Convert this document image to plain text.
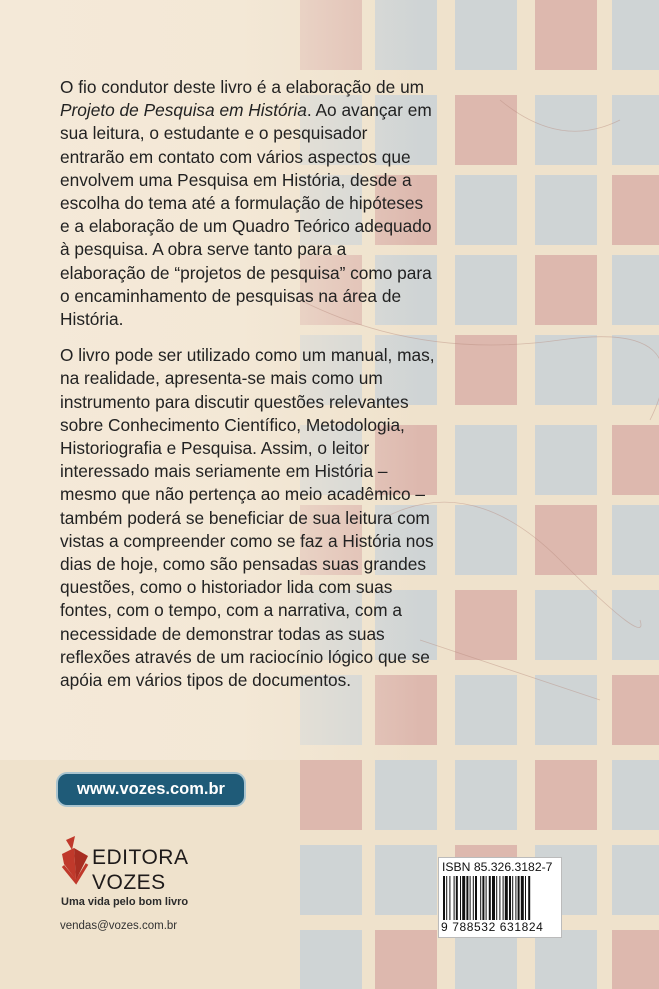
O fio condutor deste livro é a elaboração de um Projeto de Pesquisa em História. Ao avançar em sua leitura, o estudante e o pesquisador entrarão em contato com vários aspectos que envolvem uma Pesquisa em História, desde a escolha do tema até a formulação de hipóteses e a elaboração de um Quadro Teórico adequado à pesquisa. A obra serve tanto para a elaboração de “projetos de pesquisa” como para o encaminhamento de pesquisas na área de História.

O livro pode ser utilizado como um manual, mas, na realidade, apresenta-se mais como um instrumento para discutir questões relevantes sobre Conhecimento Científico, Metodologia, Historiografia e Pesquisa. Assim, o leitor interessado mais seriamente em História – mesmo que não pertença ao meio acadêmico – também poderá se beneficiar de sua leitura com vistas a compreender como se faz a História nos dias de hoje, como são pensadas suas grandes questões, como o historiador lida com suas fontes, com o tempo, com a narrativa, com a necessidade de demonstrar todas as suas reflexões através de um raciocínio lógico que se apóia em vários tipos de documentos.

www.vozes.com.br
EDITORA
VOZES
Uma vida pelo bom livro
vendas@vozes.com.br
ISBN 85.326.3182-7
9 788532 631824
